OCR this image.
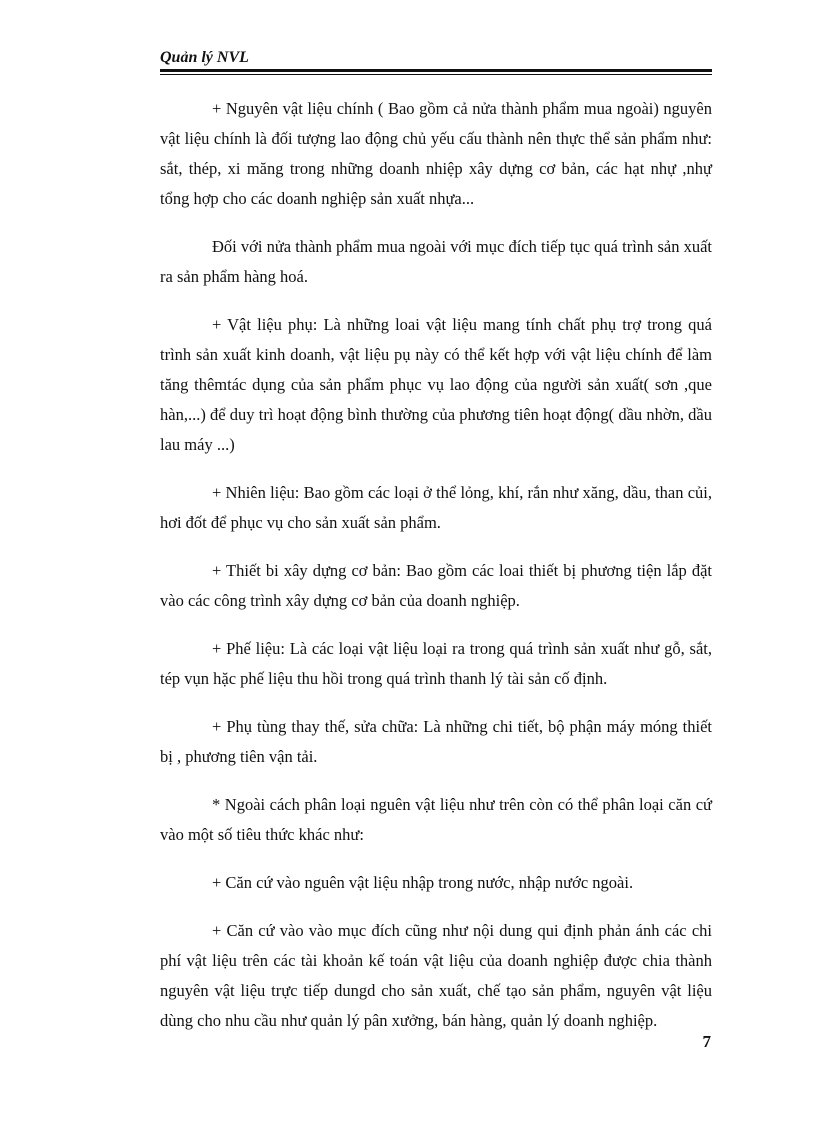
Quản lý NVL

+ Nguyên vật liệu chính ( Bao gồm cả nửa thành phẩm mua ngoài) nguyên vật liệu chính là đối tượng lao động chủ yếu cấu thành nên thực thể sản phẩm như: sắt, thép, xi măng trong những doanh nhiệp xây dựng cơ bản, các hạt nhự ,nhự tổng hợp cho các doanh nghiệp sản xuất nhựa...

Đối với nửa thành phẩm mua ngoài với mục đích tiếp tục quá trình sản xuất ra sản phẩm hàng hoá.

+ Vật liệu phụ: Là những loai vật liệu mang tính chất phụ trợ trong quá trình sản xuất kinh doanh, vật liệu pụ này có thể kết hợp với vật liệu chính để làm tăng thêmtác dụng của sản phẩm phục vụ lao động của người sản xuất( sơn ,que hàn,...) để duy trì hoạt động bình thường của phương tiên hoạt động( dầu nhờn, dầu lau máy ...)

+ Nhiên liệu: Bao gồm các loại ở thể lỏng, khí, rắn như xăng, dầu, than củi, hơi đốt để phục vụ cho sản xuất sản phẩm.

+ Thiết bi xây dựng cơ bản: Bao gồm các loai thiết bị phương tiện lắp đặt vào các công trình xây dựng cơ bản của doanh nghiệp.

+ Phế liệu: Là các loại vật liệu loại ra trong quá trình sản xuất như gỗ, sắt, tép vụn hặc phế liệu thu hồi trong quá trình thanh lý tài sản cố định.

+ Phụ tùng thay thế, sửa chữa: Là những chi tiết, bộ phận máy móng thiết bị , phương tiên vận tải.

* Ngoài cách phân loại nguên vật liệu như trên còn có thể phân loại căn cứ vào một số tiêu thức khác như:

+ Căn cứ vào nguên vật liệu nhập trong nước, nhập nước ngoài.

+ Căn cứ vào vào mục đích cũng như nội dung qui định phản ánh các chi phí vật liệu trên các tài khoản kế toán vật liệu của doanh nghiệp được chia thành nguyên vật liệu trực tiếp dungd cho sản xuất, chế tạo sản phẩm, nguyên vật liệu dùng cho nhu cầu như quản lý pân xưởng, bán hàng, quản lý doanh nghiệp.

7
